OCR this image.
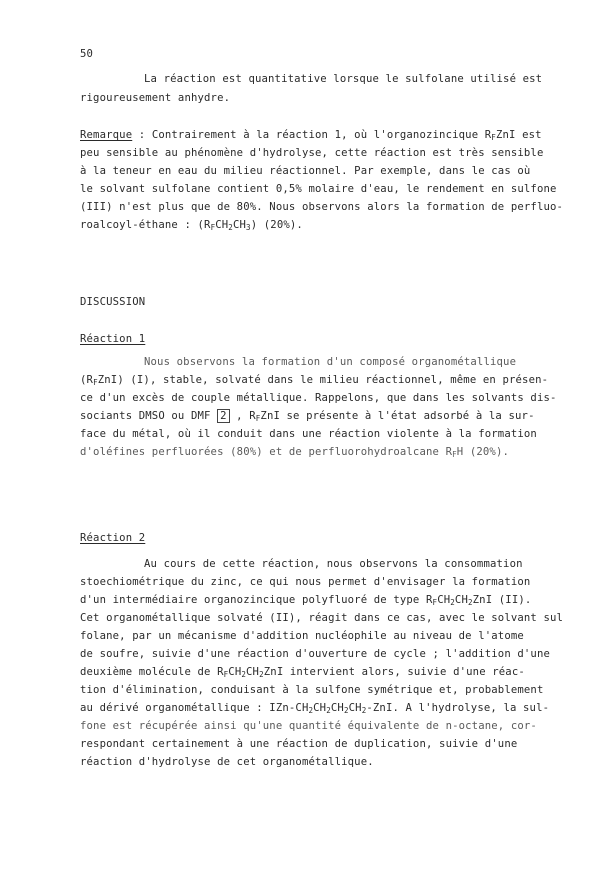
50
La réaction est quantitative lorsque le sulfolane utilisé est
rigoureusement anhydre.
Remarque : Contrairement à la réaction 1, où l'organozincique $R_FZnI$ est
peu sensible au phénomène d'hydrolyse, cette réaction est très sensible
à la teneur en eau du milieu réactionnel. Par exemple, dans le cas où
le solvant sulfolane contient 0,5% molaire d'eau, le rendement en sulfone
(III) n'est plus que de 80%. Nous observons alors la formation de perfluo-
roalcoyl-éthane : $(R_FCH_2CH_3)$ (20%).
DISCUSSION
Réaction 1
Nous observons la formation d'un composé organométallique
$(R_FZnI)$ (I), stable, solvaté dans le milieu réactionnel, même en présen-
ce d'un excès de couple métallique. Rappelons, que dans les solvants dis-
sociants DMSO ou DMF 2 , $R_FZnI$ se présente à l'état adsorbé à la sur-
face du métal, où il conduit dans une réaction violente à la formation
d'oléfines perfluorées (80%) et de perfluorohydroalcane $R_FH$ (20%).
Réaction 2
Au cours de cette réaction, nous observons la consommation
stoechiométrique du zinc, ce qui nous permet d'envisager la formation
d'un intermédiaire organozincique polyfluoré de type $R_FCH_2CH_2ZnI$ (II).
Cet organométallique solvaté (II), réagit dans ce cas, avec le solvant sul
folane, par un mécanisme d'addition nucléophile au niveau de l'atome
de soufre, suivie d'une réaction d'ouverture de cycle ; l'addition d'une
deuxième molécule de $R_FCH_2CH_2ZnI$ intervient alors, suivie d'une réac-
tion d'élimination, conduisant à la sulfone symétrique et, probablement
au dérivé organométallique : IZn-$CH_2CH_2CH_2CH_2$-ZnI. A l'hydrolyse, la sul-
fone est récupérée ainsi qu'une quantité équivalente de n-octane, cor-
respondant certainement à une réaction de duplication, suivie d'une
réaction d'hydrolyse de cet organométallique.
